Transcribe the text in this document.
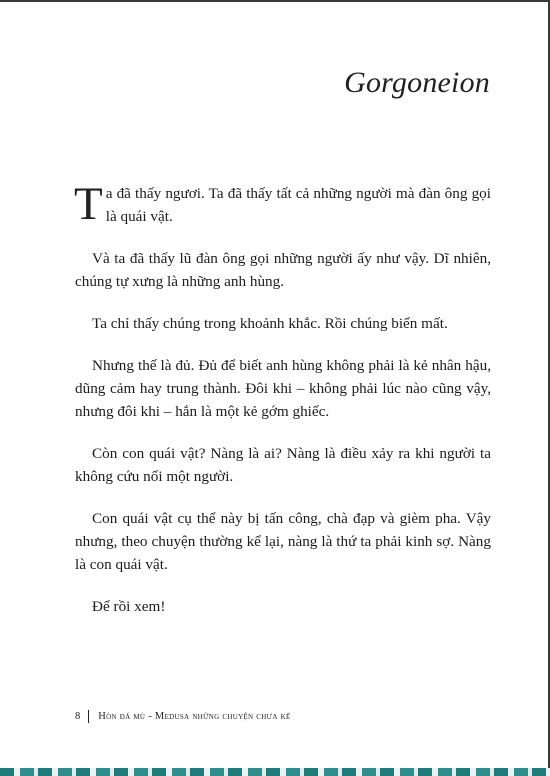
Gorgoneion

Ta đã thấy ngươi. Ta đã thấy tất cả những người mà đàn ông gọi là quái vật.

Và ta đã thấy lũ đàn ông gọi những người ấy như vậy. Dĩ nhiên, chúng tự xưng là những anh hùng.

Ta chỉ thấy chúng trong khoảnh khắc. Rồi chúng biến mất.

Nhưng thế là đủ. Đủ để biết anh hùng không phải là kẻ nhân hậu, dũng cảm hay trung thành. Đôi khi – không phải lúc nào cũng vậy, nhưng đôi khi – hắn là một kẻ gớm ghiếc.

Còn con quái vật? Nàng là ai? Nàng là điều xảy ra khi người ta không cứu nổi một người.

Con quái vật cụ thể này bị tấn công, chà đạp và gièm pha. Vậy nhưng, theo chuyện thường kể lại, nàng là thứ ta phải kinh sợ. Nàng là con quái vật.

Để rồi xem!

8 Hòn đá mù - Medusa những chuyện chưa kể
